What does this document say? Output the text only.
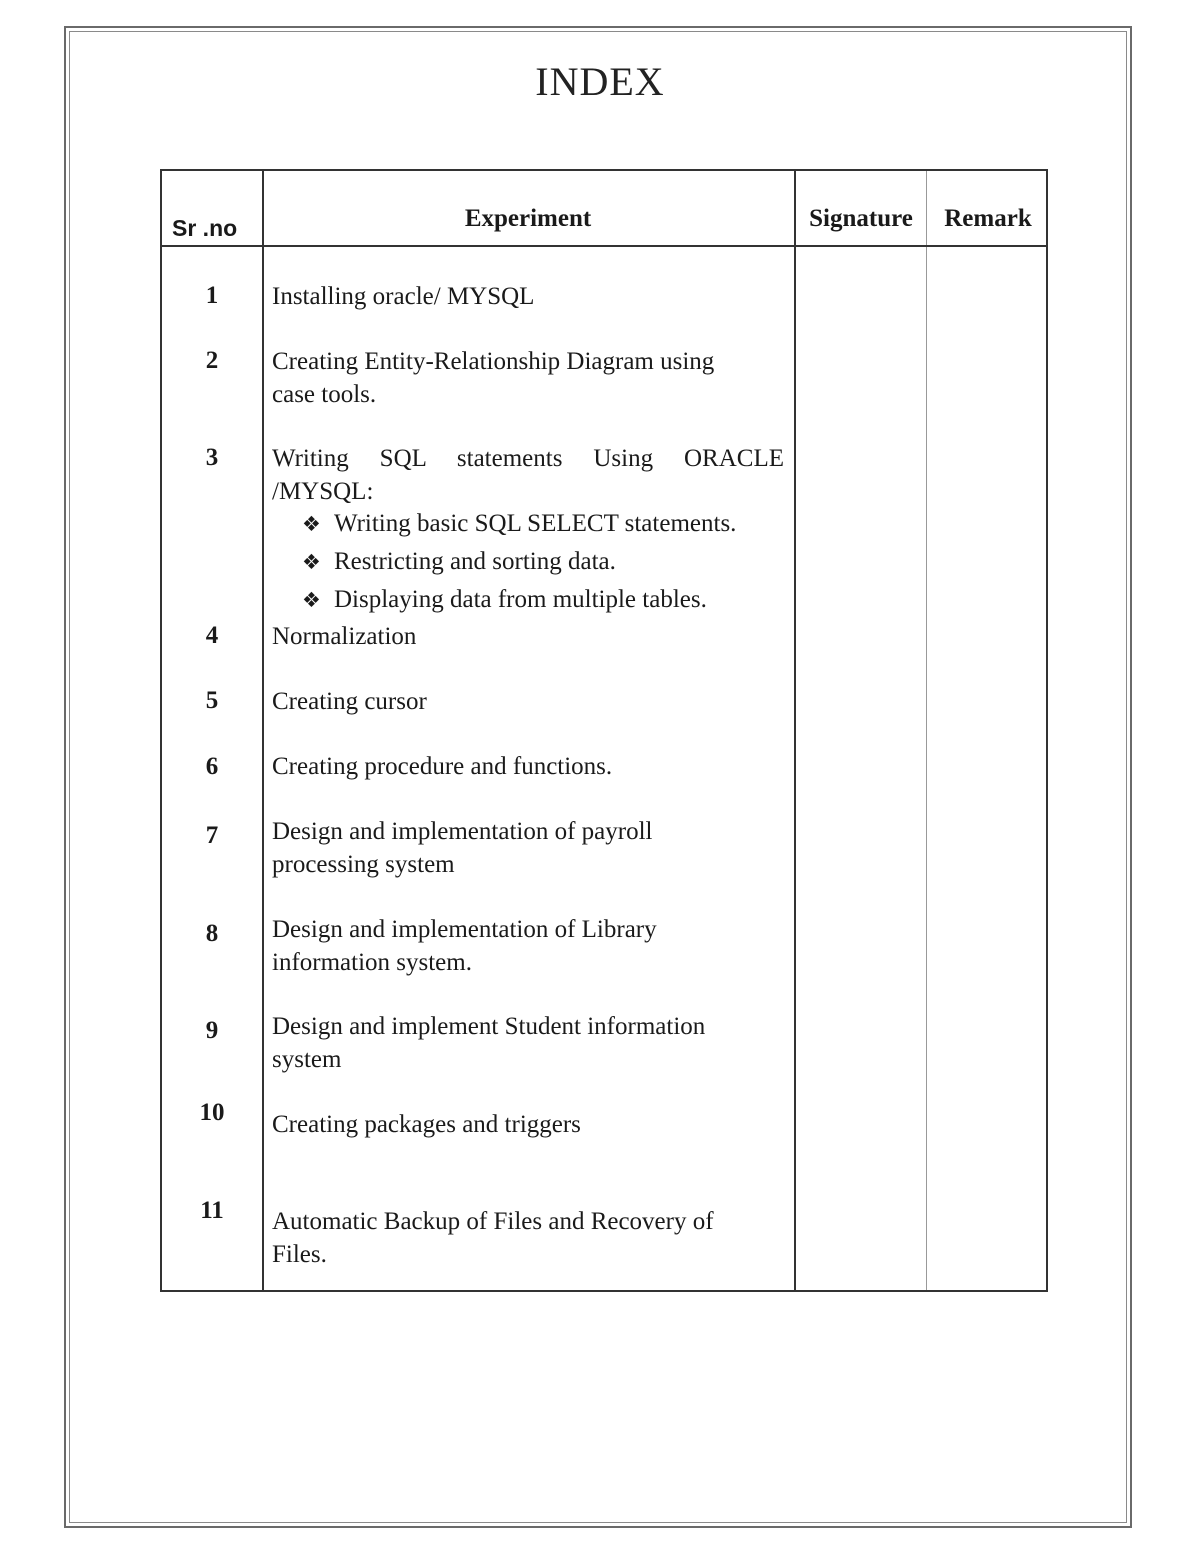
INDEX
Sr .no	Experiment	Signature	Remark
1	Installing oracle/ MYSQL
2	Creating Entity-Relationship Diagram using
case tools.
3	Writing SQL statements Using ORACLE
/MYSQL:
❖ Writing basic SQL SELECT statements.
❖ Restricting and sorting data.
❖ Displaying data from multiple tables.
4	Normalization
5	Creating cursor
6	Creating procedure and functions.
7	Design and implementation of payroll
processing system
8	Design and implementation of Library
information system.
9	Design and implement Student information
system
10	Creating packages and triggers
11	Automatic Backup of Files and Recovery of
Files.
